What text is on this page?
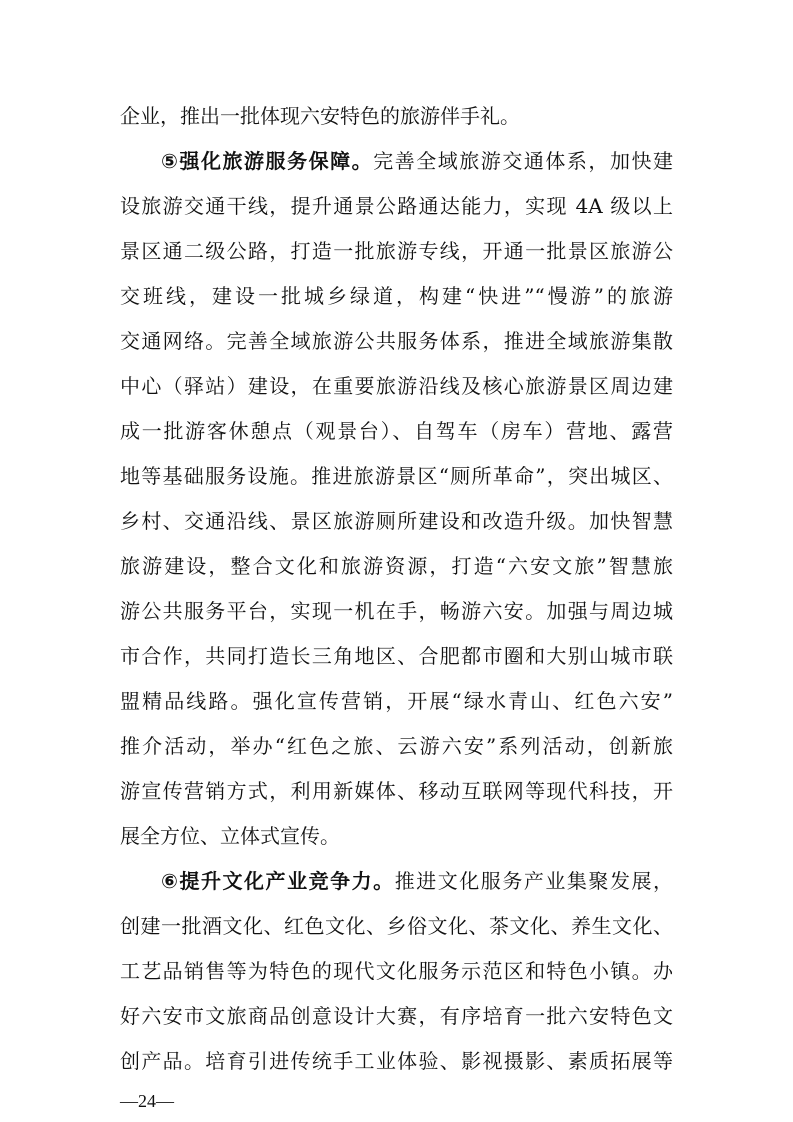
企业，推出一批体现六安特色的旅游伴手礼。
⑤强化旅游服务保障。完善全域旅游交通体系，加快建
设旅游交通干线，提升通景公路通达能力，实现 4A 级以上
景区通二级公路，打造一批旅游专线，开通一批景区旅游公
交班线，建设一批城乡绿道，构建“快进”“慢游”的旅游
交通网络。完善全域旅游公共服务体系，推进全域旅游集散
中心（驿站）建设，在重要旅游沿线及核心旅游景区周边建
成一批游客休憩点（观景台）、自驾车（房车）营地、露营
地等基础服务设施。推进旅游景区“厕所革命”，突出城区、
乡村、交通沿线、景区旅游厕所建设和改造升级。加快智慧
旅游建设，整合文化和旅游资源，打造“六安文旅”智慧旅
游公共服务平台，实现一机在手，畅游六安。加强与周边城
市合作，共同打造长三角地区、合肥都市圈和大别山城市联
盟精品线路。强化宣传营销，开展“绿水青山、红色六安”
推介活动，举办“红色之旅、云游六安”系列活动，创新旅
游宣传营销方式，利用新媒体、移动互联网等现代科技，开
展全方位、立体式宣传。
⑥提升文化产业竞争力。推进文化服务产业集聚发展，
创建一批酒文化、红色文化、乡俗文化、茶文化、养生文化、
工艺品销售等为特色的现代文化服务示范区和特色小镇。办
好六安市文旅商品创意设计大赛，有序培育一批六安特色文
创产品。培育引进传统手工业体验、影视摄影、素质拓展等
—24—
